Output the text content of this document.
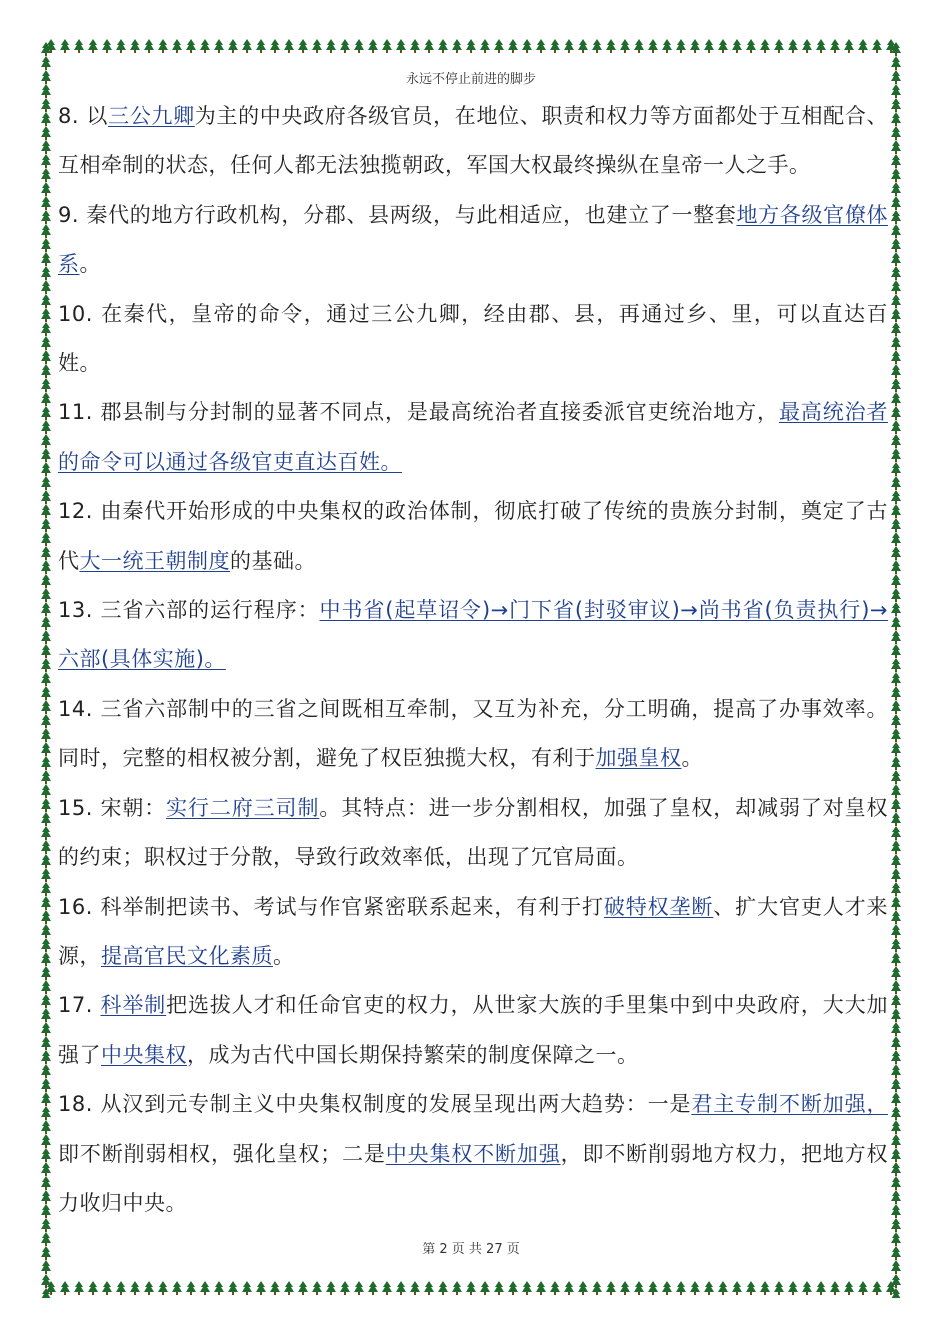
永远不停止前进的脚步

8. 以三公九卿为主的中央政府各级官员，在地位、职责和权力等方面都处于互相配合、互相牵制的状态，任何人都无法独揽朝政，军国大权最终操纵在皇帝一人之手。

9. 秦代的地方行政机构，分郡、县两级，与此相适应，也建立了一整套地方各级官僚体系。

10. 在秦代，皇帝的命令，通过三公九卿，经由郡、县，再通过乡、里，可以直达百姓。

11. 郡县制与分封制的显著不同点，是最高统治者直接委派官吏统治地方，最高统治者的命令可以通过各级官吏直达百姓。

12. 由秦代开始形成的中央集权的政治体制，彻底打破了传统的贵族分封制，奠定了古代大一统王朝制度的基础。

13. 三省六部的运行程序：中书省(起草诏令)→门下省(封驳审议)→尚书省(负责执行)→六部(具体实施)。

14. 三省六部制中的三省之间既相互牵制，又互为补充，分工明确，提高了办事效率。同时，完整的相权被分割，避免了权臣独揽大权，有利于加强皇权。

15. 宋朝：实行二府三司制。其特点：进一步分割相权，加强了皇权，却减弱了对皇权的约束；职权过于分散，导致行政效率低，出现了冗官局面。

16. 科举制把读书、考试与作官紧密联系起来，有利于打破特权垄断、扩大官吏人才来源，提高官民文化素质。

17. 科举制把选拔人才和任命官吏的权力，从世家大族的手里集中到中央政府，大大加强了中央集权，成为古代中国长期保持繁荣的制度保障之一。

18. 从汉到元专制主义中央集权制度的发展呈现出两大趋势：一是君主专制不断加强，即不断削弱相权，强化皇权；二是中央集权不断加强，即不断削弱地方权力，把地方权力收归中央。

第 2 页 共 27 页
